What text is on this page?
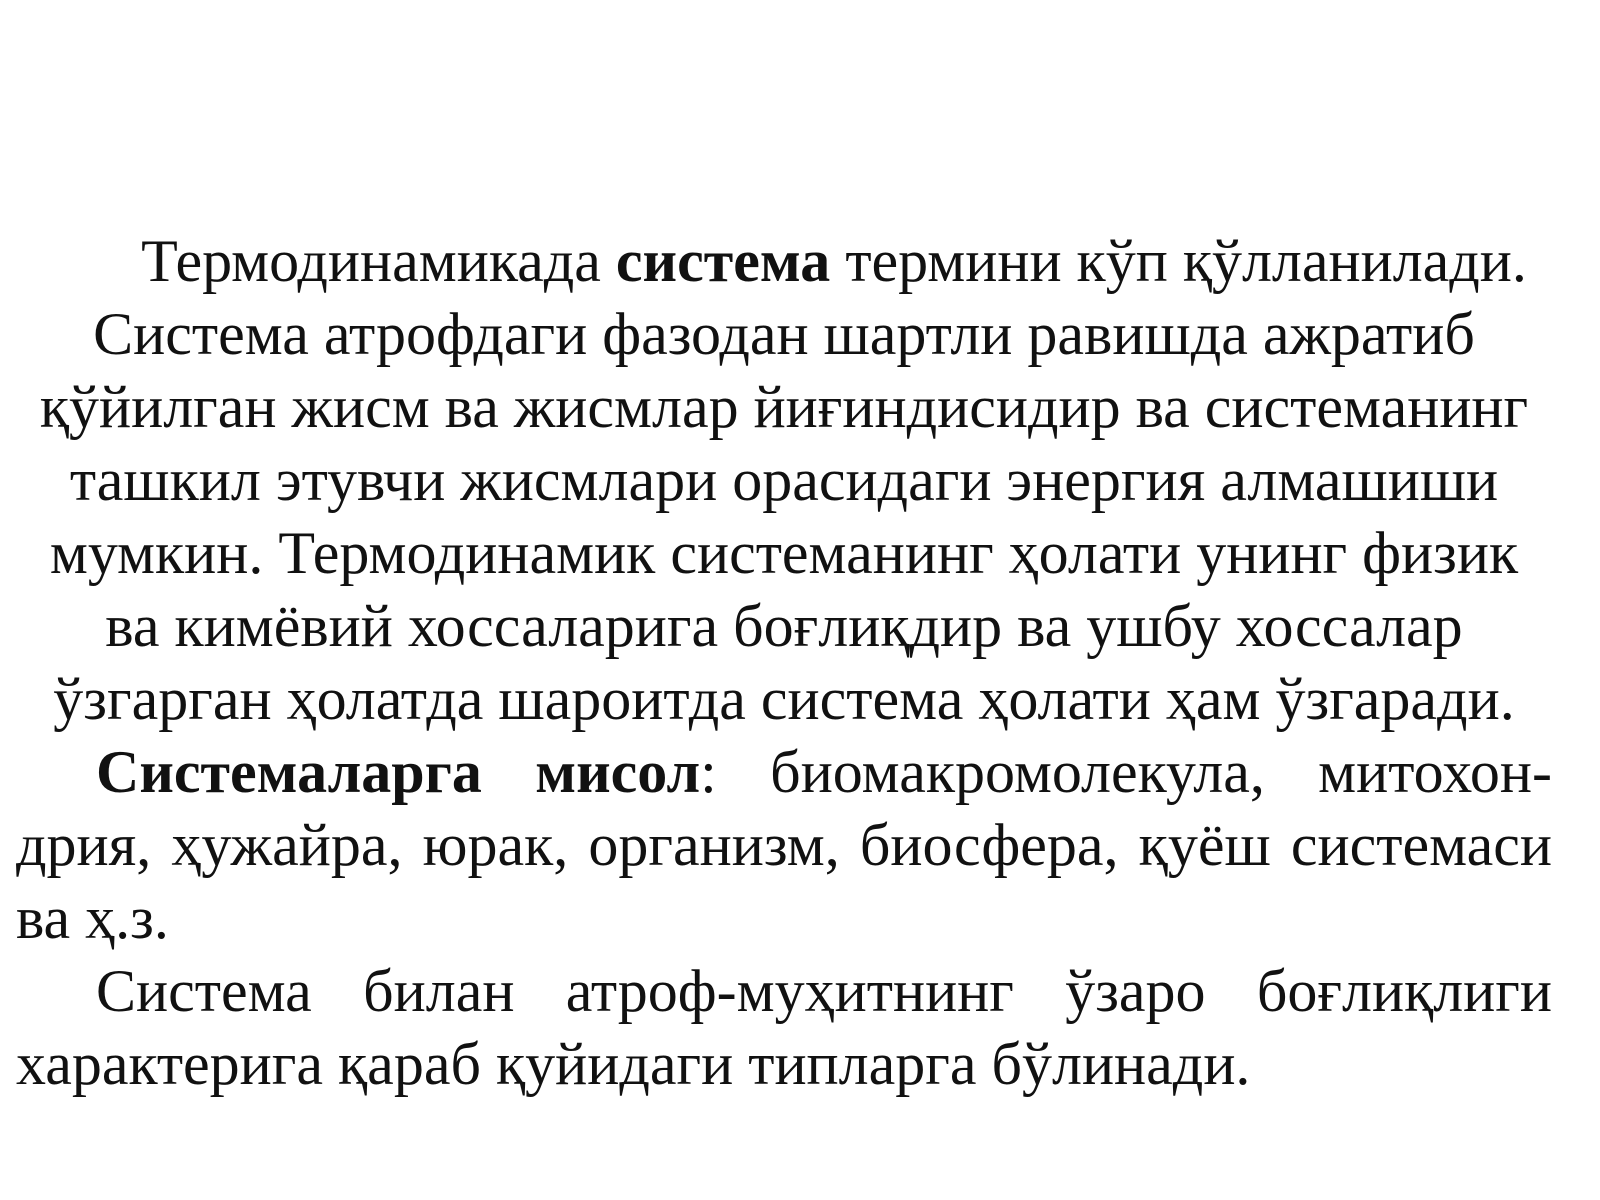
Термодинамикада система термини кўп қўлланилади.
Система атрофдаги фазодан шартли равишда ажратиб
қўйилган жисм ва жисмлар йиғиндисидир ва системанинг
ташкил этувчи жисмлари орасидаги энергия алмашиши
мумкин. Термодинамик системанинг ҳолати унинг физик
ва кимёвий хоссаларига боғлиқдир ва ушбу хоссалар
ўзгарган ҳолатда шароитда система ҳолати ҳам ўзгаради.
Системаларга мисол: биомакромолекула, митохон-
дрия, ҳужайра, юрак, организм, биосфера, қуёш системаси
ва ҳ.з.
Система билан атроф-муҳитнинг ўзаро боғлиқлиги
характерига қараб қуйидаги типларга бўлинади.
